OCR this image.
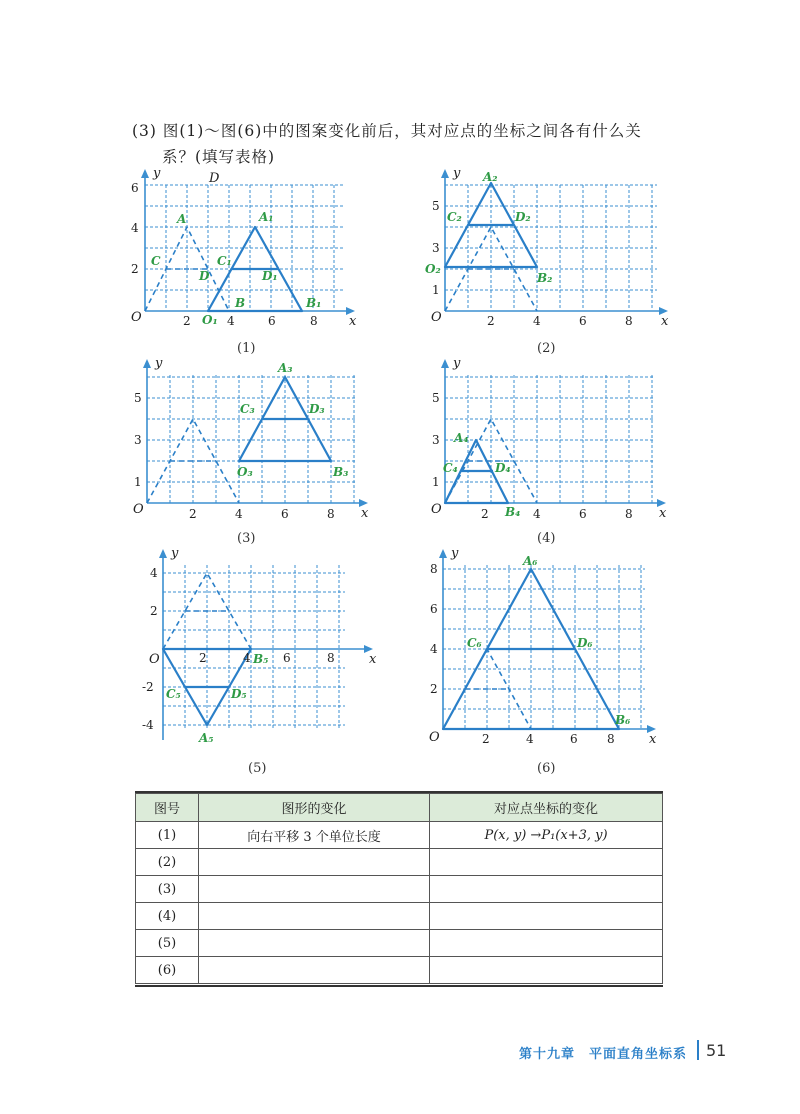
(3) 图(1)～图(6)中的图案变化前后，其对应点的坐标之间各有什么关
系？(填写表格)
2	4	6	8
2
4
6
y
x
O
D
A
C
D
B
A₁
C₁
D₁
O₁
B₁
(1)
2	4	6	8
1
3
5
y
x
O
A₂
C₂	D₂
O₂
B₂
(2)
2	4	6	8
1
3
5
y
x
O
A₃
C₃	D₃
O₃	B₃
(3)
2	4	6	8
1
3
5
y
x
O
A₄
C₄	D₄
B₄
(4)
2	4	6	8
4
2
-2
-4
y
x
O	B₅
C₅	D₅
A₅
(5)
2	4	6 8
2
4
6
8
y
x
O
A₆
C₆	D₆
B₆
(6)
图号	图形的变化	对应点坐标的变化
(1)	向右平移 3 个单位长度	P(x, y) →P₁(x+3, y)
(2)		
(3)		
(4)		
(5)		
(6)		
第十九章　平面直角坐标系 51
